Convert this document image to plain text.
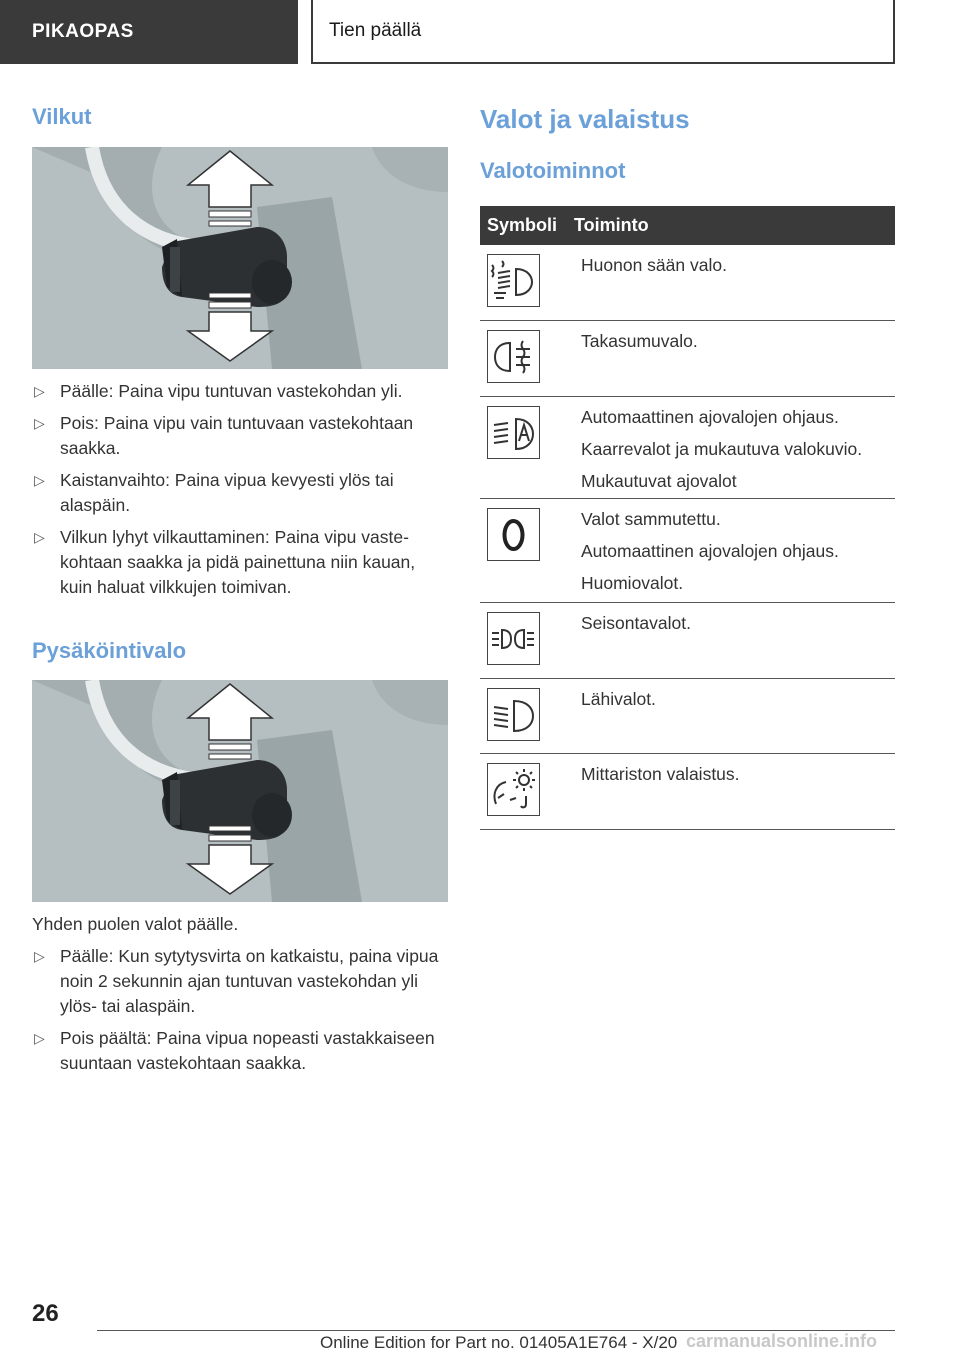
PIKAOPAS	Tien päällä
Vilkut
▷ Päälle: Paina vipu tuntuvan vastekohdan yli.
▷ Pois: Paina vipu vain tuntuvaan vastekohtaan saakka.
▷ Kaistanvaihto: Paina vipua kevyesti ylös tai alaspäin.
▷ Vilkun lyhyt vilkauttaminen: Paina vipu vastekohtaan saakka ja pidä painettuna niin kauan, kuin haluat vilkkujen toimivan.
Pysäköintivalo

Yhden puolen valot päälle.

▷ Päälle: Kun sytytysvirta on katkaistu, paina vipua noin 2 sekunnin ajan tuntuvan vastekohdan yli ylös- tai alaspäin.
▷ Pois päältä: Paina vipua nopeasti vastakkaiseen suuntaan vastekohtaan saakka.
Valot ja valaistus
Valotoiminnot
Symboli Toiminto
Huonon sään valo.
Takasumuvalo.
Automaattinen ajovalojen ohjaus.
Kaarrevalot ja mukautuva valokuvio.
Mukautuvat ajovalot
Valot sammutettu.
Automaattinen ajovalojen ohjaus.
Huomiovalot.
Seisontavalot.
Lähivalot.
Mittariston valaistus.
26
Online Edition for Part no. 01405A1E764 - X/20 carmanualsonline.info
